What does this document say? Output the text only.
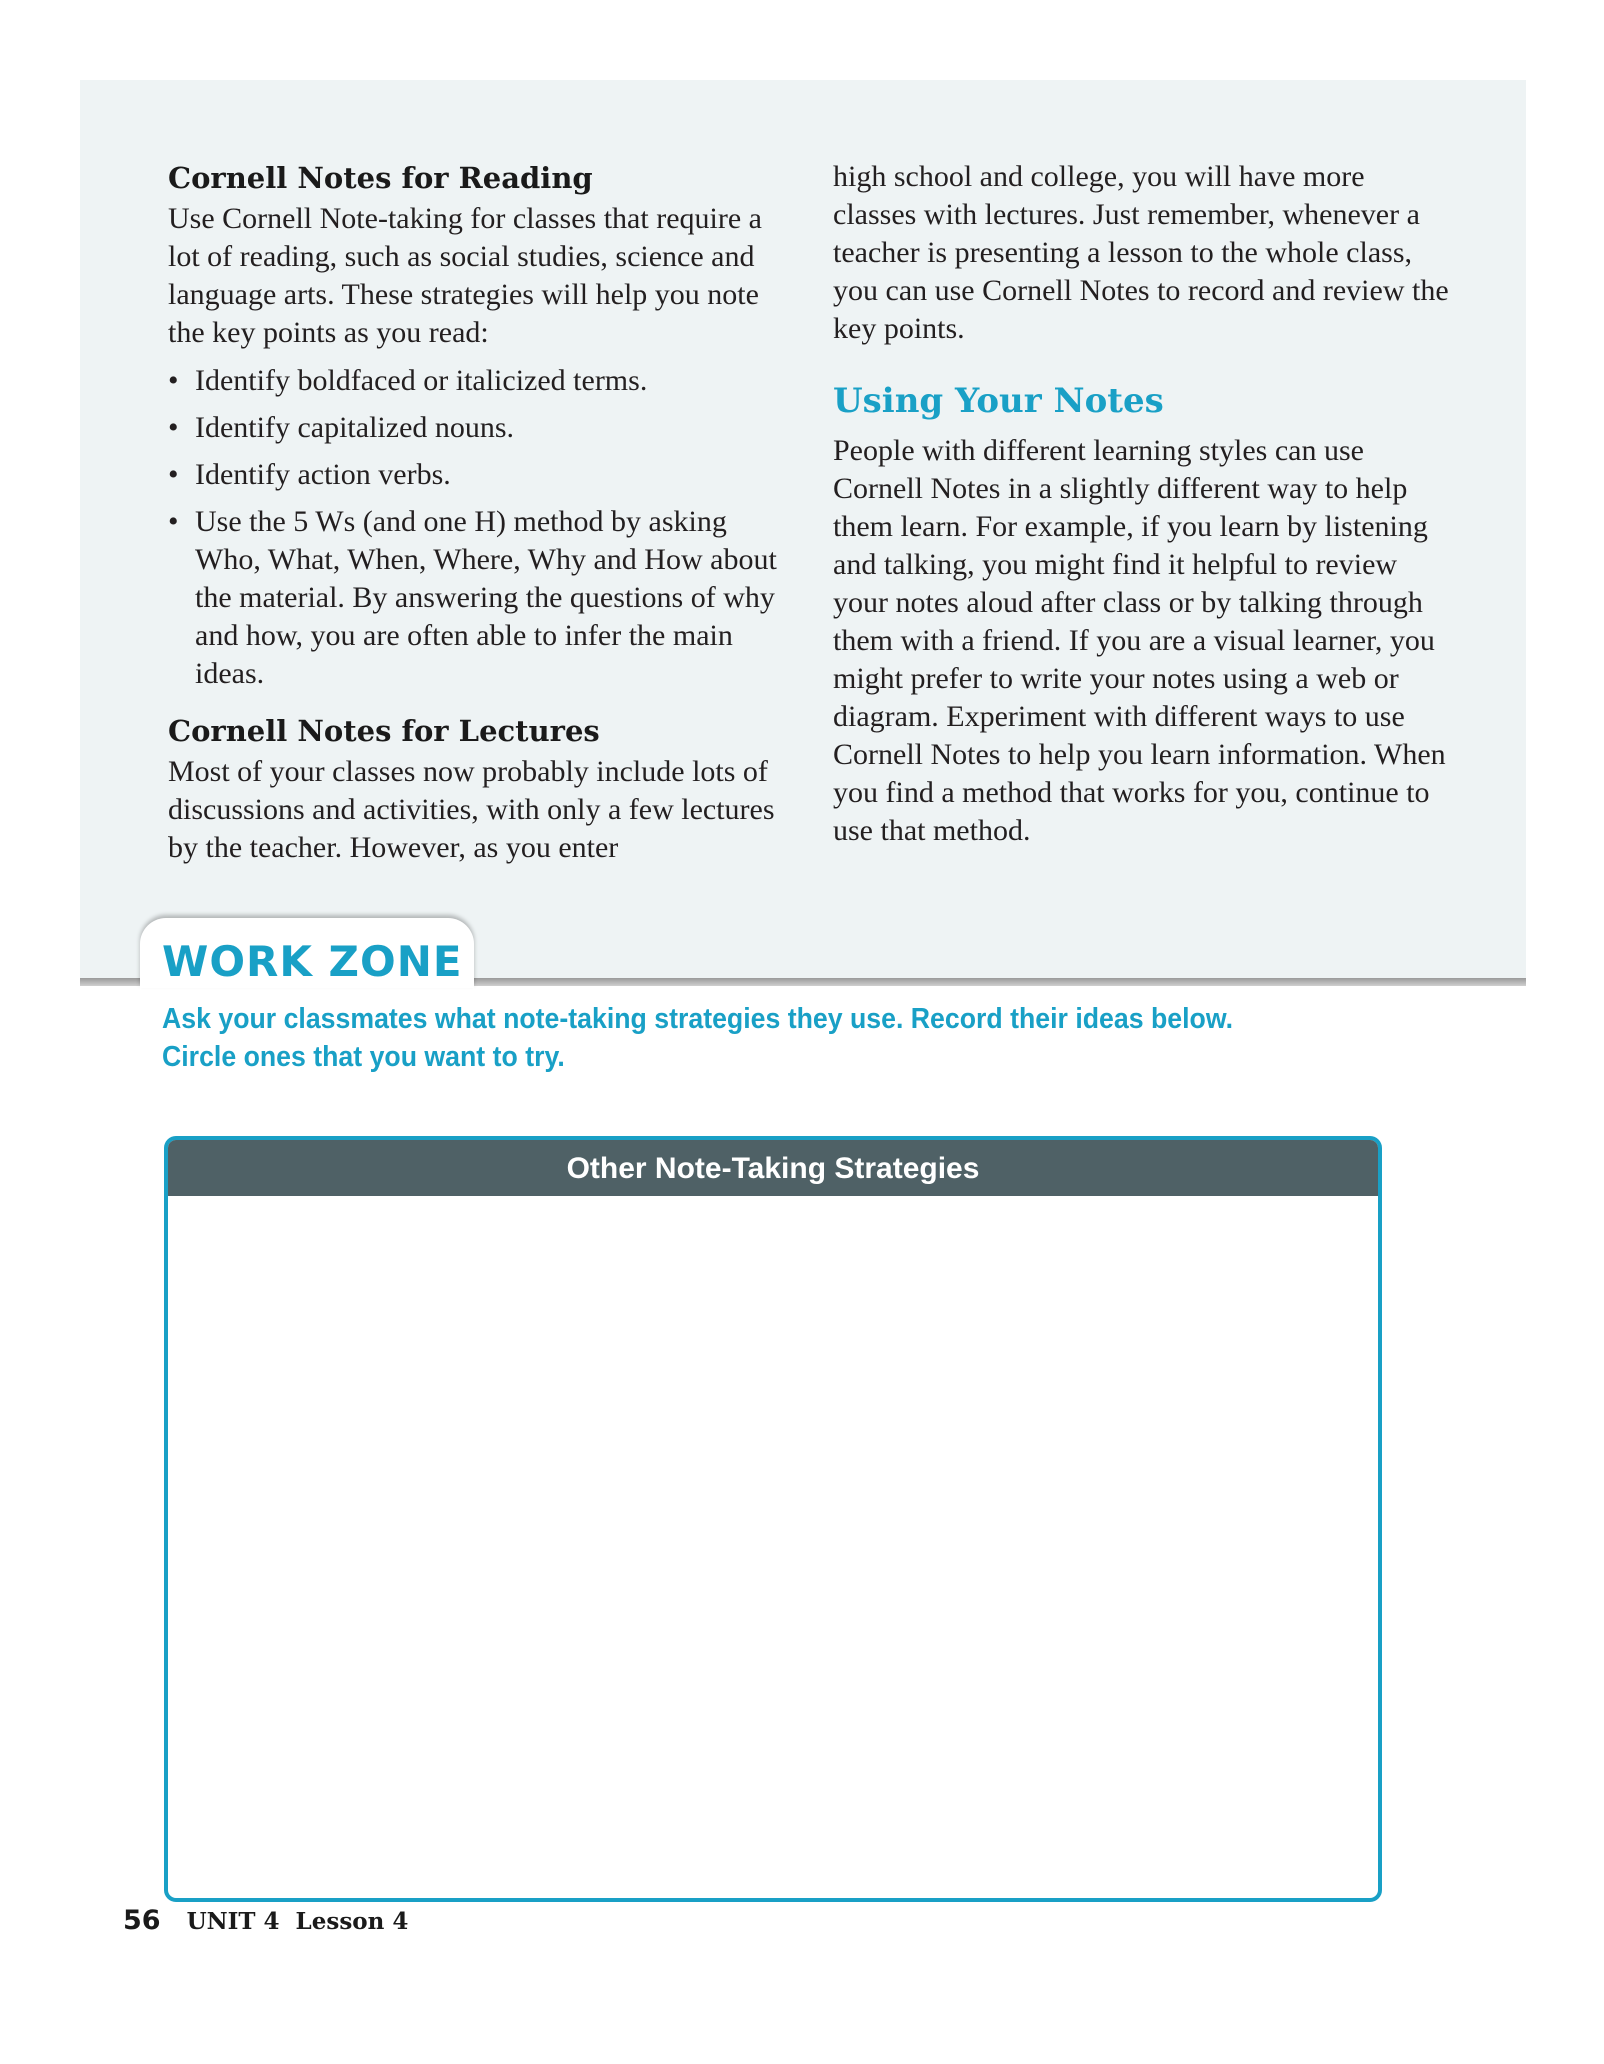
Cornell Notes for Reading

Use Cornell Note-taking for classes that require a lot of reading, such as social studies, science and language arts. These strategies will help you note the key points as you read:

• Identify boldfaced or italicized terms.
• Identify capitalized nouns.
• Identify action verbs.
• Use the 5 Ws (and one H) method by asking Who, What, When, Where, Why and How about the material. By answering the questions of why and how, you are often able to infer the main ideas.
Cornell Notes for Lectures

Most of your classes now probably include lots of discussions and activities, with only a few lectures by the teacher. However, as you enter

high school and college, you will have more classes with lectures. Just remember, whenever a teacher is presenting a lesson to the whole class, you can use Cornell Notes to record and review the key points.

Using Your Notes

People with different learning styles can use Cornell Notes in a slightly different way to help them learn. For example, if you learn by listening and talking, you might find it helpful to review your notes aloud after class or by talking through them with a friend. If you are a visual learner, you might prefer to write your notes using a web or diagram. Experiment with different ways to use Cornell Notes to help you learn information. When you find a method that works for you, continue to use that method.

WORK ZONE

Ask your classmates what note-taking strategies they use. Record their ideas below.

Circle ones that you want to try.

Other Note-Taking Strategies
56 UNIT 4  Lesson 4
